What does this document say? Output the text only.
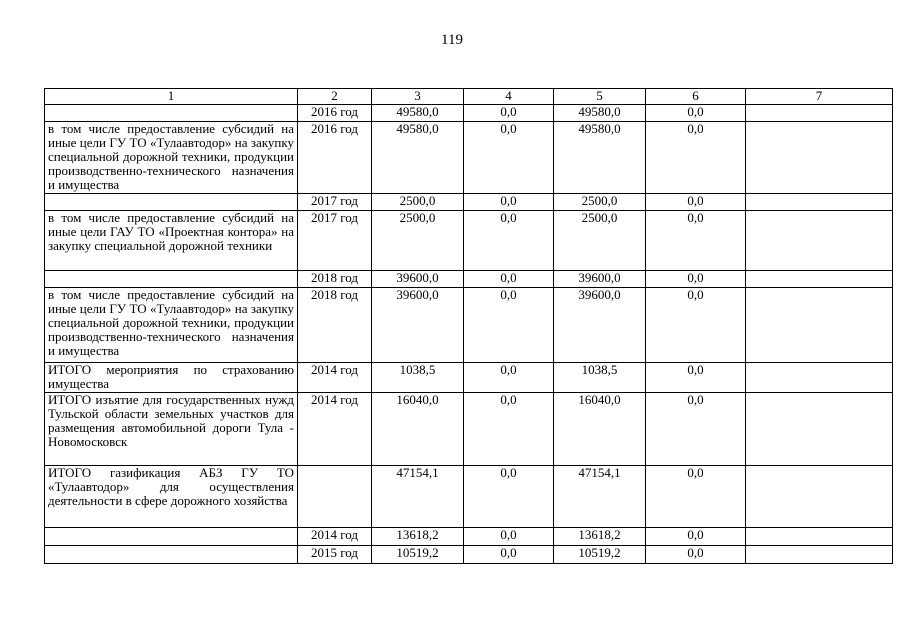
119
1	2	3	4	5	6	7
	2016 год	49580,0	0,0	49580,0	0,0	
в том числе предоставление субсидий на иные цели ГУ ТО «Тулаавтодор» на закупку специальной дорожной техники, продукции производственно-технического назначения и имущества	2016 год	49580,0	0,0	49580,0	0,0	
	2017 год	2500,0	0,0	2500,0	0,0	
в том числе предоставление субсидий на иные цели ГАУ ТО «Проектная контора» на закупку специальной дорожной техники	2017 год	2500,0	0,0	2500,0	0,0	
	2018 год	39600,0	0,0	39600,0	0,0	
в том числе предоставление субсидий на иные цели ГУ ТО «Тулаавтодор» на закупку специальной дорожной техники, продукции производственно-технического назначения и имущества	2018 год	39600,0	0,0	39600,0	0,0	
ИТОГО мероприятия по страхованию имущества	2014 год	1038,5	0,0	1038,5	0,0	
ИТОГО изъятие для государственных нужд Тульской области земельных участков для размещения автомобильной дороги Тула - Новомосковск	2014 год	16040,0	0,0	16040,0	0,0	
ИТОГО газификация АБЗ ГУ ТО «Тулаавтодор» для осуществления деятельности в сфере дорожного хозяйства		47154,1	0,0	47154,1	0,0	
	2014 год	13618,2	0,0	13618,2	0,0	
	2015 год	10519,2	0,0	10519,2	0,0	
